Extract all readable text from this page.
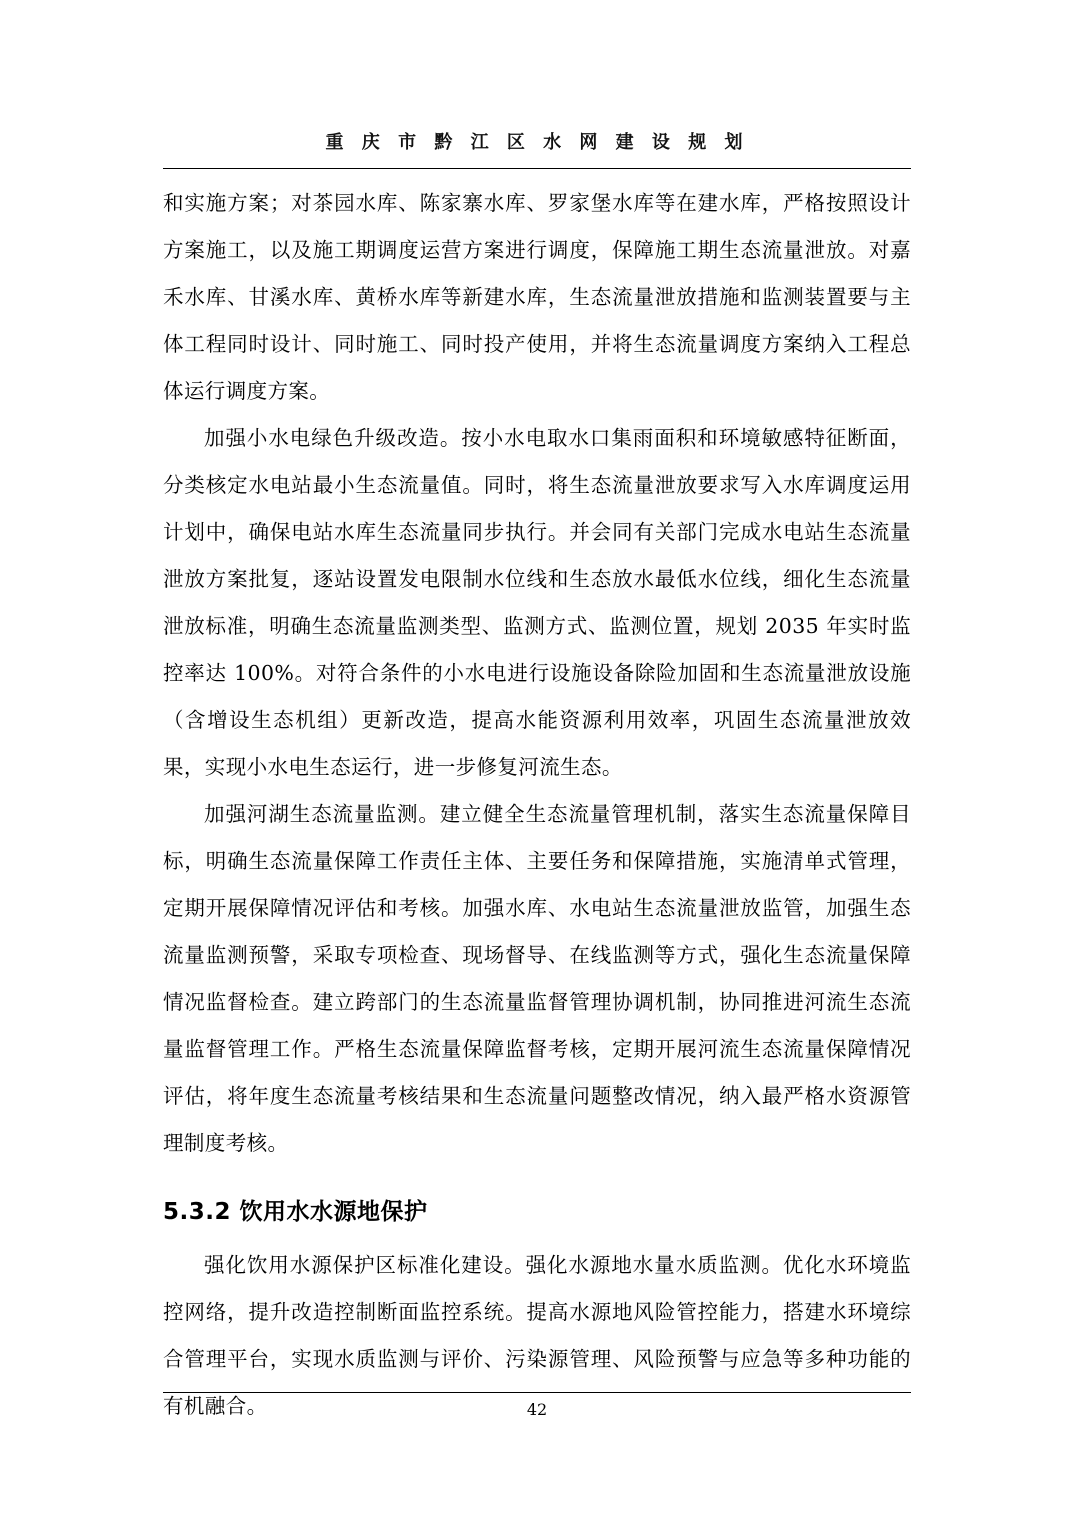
重 庆 市 黔 江 区 水 网 建 设 规 划

和实施方案；对茶园水库、陈家寨水库、罗家堡水库等在建水库，严格按照设计方案施工，以及施工期调度运营方案进行调度，保障施工期生态流量泄放。对嘉禾水库、甘溪水库、黄桥水库等新建水库，生态流量泄放措施和监测装置要与主体工程同时设计、同时施工、同时投产使用，并将生态流量调度方案纳入工程总体运行调度方案。

加强小水电绿色升级改造。按小水电取水口集雨面积和环境敏感特征断面，分类核定水电站最小生态流量值。同时，将生态流量泄放要求写入水库调度运用计划中，确保电站水库生态流量同步执行。并会同有关部门完成水电站生态流量泄放方案批复，逐站设置发电限制水位线和生态放水最低水位线，细化生态流量泄放标准，明确生态流量监测类型、监测方式、监测位置，规划 2035 年实时监控率达 100%。对符合条件的小水电进行设施设备除险加固和生态流量泄放设施（含增设生态机组）更新改造，提高水能资源利用效率，巩固生态流量泄放效果，实现小水电生态运行，进一步修复河流生态。

加强河湖生态流量监测。建立健全生态流量管理机制，落实生态流量保障目标，明确生态流量保障工作责任主体、主要任务和保障措施，实施清单式管理，定期开展保障情况评估和考核。加强水库、水电站生态流量泄放监管，加强生态流量监测预警，采取专项检查、现场督导、在线监测等方式，强化生态流量保障情况监督检查。建立跨部门的生态流量监督管理协调机制，协同推进河流生态流量监督管理工作。严格生态流量保障监督考核，定期开展河流生态流量保障情况评估，将年度生态流量考核结果和生态流量问题整改情况，纳入最严格水资源管理制度考核。

5.3.2 饮用水水源地保护

强化饮用水源保护区标准化建设。强化水源地水量水质监测。优化水环境监控网络，提升改造控制断面监控系统。提高水源地风险管控能力，搭建水环境综合管理平台，实现水质监测与评价、污染源管理、风险预警与应急等多种功能的有机融合。	42
